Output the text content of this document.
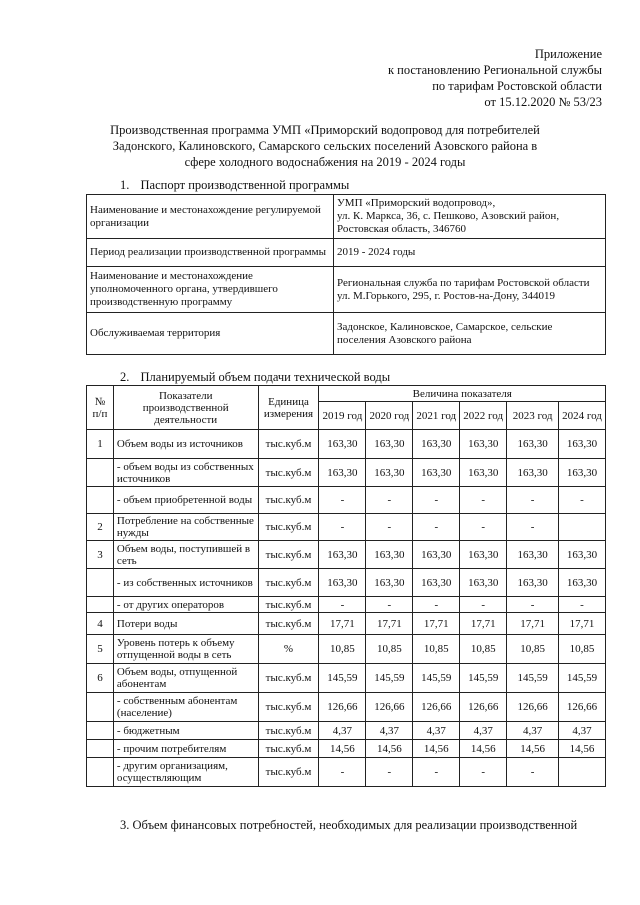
Приложение
к постановлению Региональной службы
по тарифам Ростовской области
от 15.12.2020 № 53/23
Производственная программа УМП «Приморский водопровод для потребителей
Задонского, Калиновского, Самарского сельских поселений Азовского района в
сфере холодного водоснабжения на 2019 - 2024 годы
1. Паспорт производственной программы
Наименование и местонахождение регулируемой организации	УМП «Приморский водопровод»,
ул. К. Маркса, 36, с. Пешково, Азовский район,
Ростовская область, 346760

Период реализации производственной программы	2019 - 2024 годы

Наименование и местонахождение уполномоченного органа, утвердившего производственную программу	Региональная служба по тарифам Ростовской области
ул. М.Горького, 295, г. Ростов-на-Дону, 344019

Обслуживаемая территория	Задонское, Калиновское, Самарское, сельские поселения Азовского района
2. Планируемый объем подачи технической воды
№ п/п	Показатели производственной деятельности	Единица измерения	Величина показателя					
			2019 год	2020 год	2021 год	2022 год	2023 год	2024 год
1	Объем воды из источников	тыс.куб.м	163,30	163,30	163,30	163,30	163,30	163,30
	- объем воды из собственных источников	тыс.куб.м	163,30	163,30	163,30	163,30	163,30	163,30
	- объем приобретенной воды	тыс.куб.м	-	-	-	-	-	-
2	Потребление на собственные нужды	тыс.куб.м	-	-	-	-	-	
3	Объем воды, поступившей в сеть	тыс.куб.м	163,30	163,30	163,30	163,30	163,30	163,30
	- из собственных источников	тыс.куб.м	163,30	163,30	163,30	163,30	163,30	163,30
	- от других операторов	тыс.куб.м	-	-	-	-	-	-
4	Потери воды	тыс.куб.м	17,71	17,71	17,71	17,71	17,71	17,71
5	Уровень потерь к объему отпущенной воды в сеть	%	10,85	10,85	10,85	10,85	10,85	10,85
6	Объем воды, отпущенной абонентам	тыс.куб.м	145,59	145,59	145,59	145,59	145,59	145,59
	- собственным абонентам (население)	тыс.куб.м	126,66	126,66	126,66	126,66	126,66	126,66
	- бюджетным	тыс.куб.м	4,37	4,37	4,37	4,37	4,37	4,37
	- прочим потребителям	тыс.куб.м	14,56	14,56	14,56	14,56	14,56	14,56
	- другим организациям, осуществляющим	тыс.куб.м	-	-	-	-	-	
3. Объем финансовых потребностей, необходимых для реализации производственной
